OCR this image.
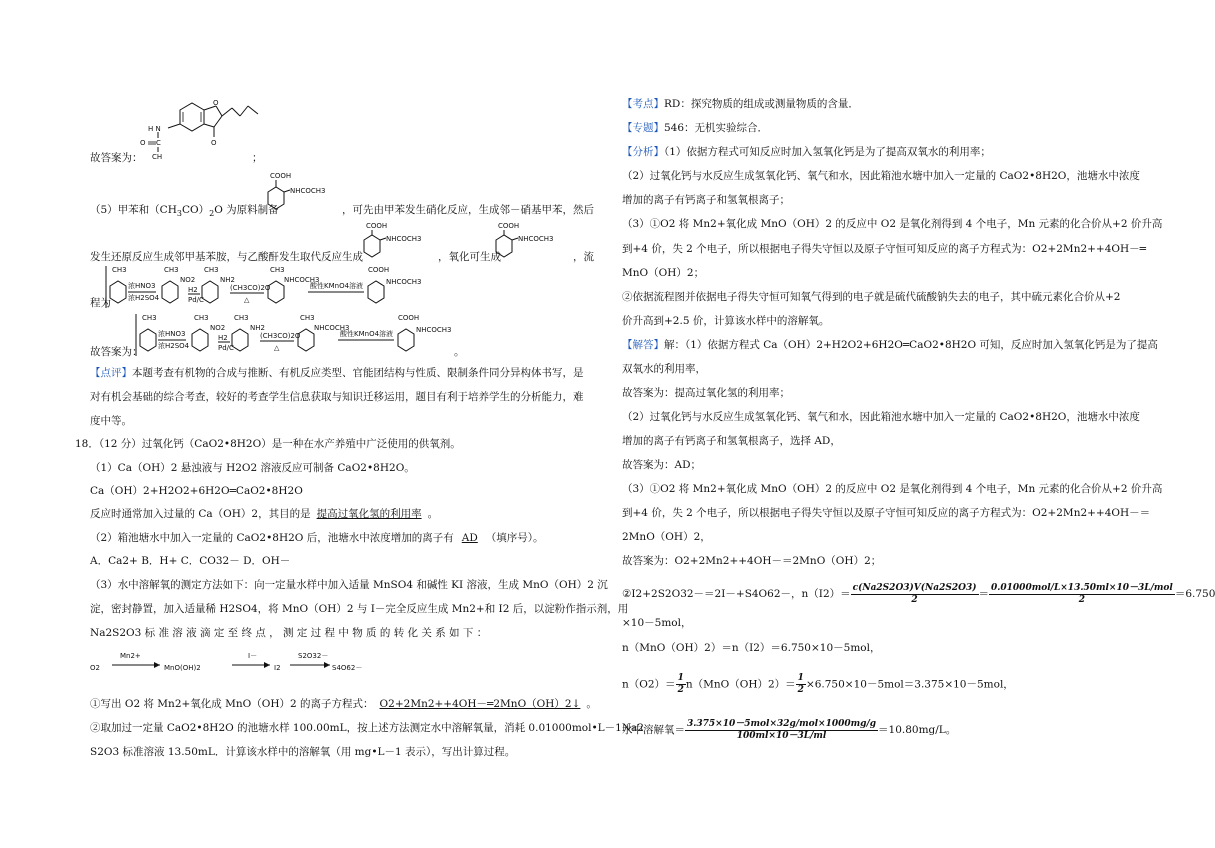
H N
O C
CH
O
O
故答案为：	；
COOH
NHCOCH3
（5）甲苯和$(CH_3CO)_2O$ 为原料制备	，可先由甲苯发生硝化反应，生成邻－硝基甲苯，然后
COOH
NHCOCH3
COOH
NHCOCH3
发生还原反应生成邻甲基苯胺，与乙酸酐发生取代反应生成	，氧化可生成	，流
CH3
浓HNO3
浓H2SO4
CH3
NO2
H2
Pd/C
CH3
NH2
(CH3CO)2O
△
CH3
NHCOCH3
酸性KMnO4溶液
COOH
NHCOCH3
程为
CH3
浓HNO3
浓H2SO4
CH3
NO2
H2
Pd/C
CH3
NH2
(CH3CO)2O
△
CH3
NHCOCH3
酸性KMnO4溶液
COOH
NHCOCH3
故答案为：	。
【点评】本题考查有机物的合成与推断、有机反应类型、官能团结构与性质、限制条件同分异构体书写，是
对有机会基础的综合考查，较好的考查学生信息获取与知识迁移运用，题目有利于培养学生的分析能力，难
度中等。
18．（12 分）过氧化钙（CaO2•8H2O）是一种在水产养殖中广泛使用的供氧剂。
（1）Ca（OH）2 悬浊液与 H2O2 溶液反应可制备 CaO2•8H2O。
Ca（OH）2+H2O2+6H2O═CaO2•8H2O
反应时通常加入过量的 Ca（OH）2，其目的是 提高过氧化氢的利用率 。
（2）箱池塘水中加入一定量的 CaO2•8H2O 后，池塘水中浓度增加的离子有 AD （填序号）。
A．Ca2+ B．H+ C．CO32－ D．OH－
（3）水中溶解氧的测定方法如下：向一定量水样中加入适量 MnSO4 和碱性 KI 溶液，生成 MnO（OH）2 沉
淀，密封静置，加入适量稀 H2SO4，将 MnO（OH）2 与 I－完全反应生成 Mn2+和 I2 后，以淀粉作指示剂，用
Na2S2O3 标 准 溶 液 滴 定 至 终 点 ， 测 定 过 程 中 物 质 的 转 化 关 系 如 下 ：
O2
Mn2+
MnO(OH)2
I－
I2
S2O32－
S4O62－
①写出 O2 将 Mn2+氧化成 MnO（OH）2 的离子方程式： O2+2Mn2++4OH－═2MnO（OH）2↓ 。
②取加过一定量 CaO2•8H2O 的池塘水样 100.00mL，按上述方法测定水中溶解氧量，消耗 0.01000mol•L－1Na2
S2O3 标准溶液 13.50mL．计算该水样中的溶解氧（用 mg•L－1 表示），写出计算过程。
【考点】RD：探究物质的组成或测量物质的含量．
【专题】546：无机实验综合．
【分析】（1）依据方程式可知反应时加入氢氧化钙是为了提高双氧水的利用率；
（2）过氧化钙与水反应生成氢氧化钙、氧气和水，因此箱池水塘中加入一定量的 CaO2•8H2O，池塘水中浓度
增加的离子有钙离子和氢氧根离子；
（3）①O2 将 Mn2+氧化成 MnO（OH）2 的反应中 O2 是氧化剂得到 4 个电子，Mn 元素的化合价从+2 价升高
到+4 价，失 2 个电子，所以根据电子得失守恒以及原子守恒可知反应的离子方程式为：O2+2Mn2++4OH－═
MnO（OH）2；
②依据流程图并依据电子得失守恒可知氧气得到的电子就是硫代硫酸钠失去的电子，其中硫元素化合价从+2
价升高到+2.5 价，计算该水样中的溶解氧。
【解答】解：（1）依据方程式 Ca（OH）2+H2O2+6H2O═CaO2•8H2O 可知，反应时加入氢氧化钙是为了提高
双氧水的利用率，
故答案为：提高过氧化氢的利用率；
（2）过氧化钙与水反应生成氢氧化钙、氧气和水，因此箱池水塘中加入一定量的 CaO2•8H2O，池塘水中浓度
增加的离子有钙离子和氢氧根离子，选择 AD，
故答案为：AD；
（3）①O2 将 Mn2+氧化成 MnO（OH）2 的反应中 O2 是氧化剂得到 4 个电子，Mn 元素的化合价从+2 价升高
到+4 价，失 2 个电子，所以根据电子得失守恒以及原子守恒可知反应的离子方程式为：O2+2Mn2++4OH－＝
2MnO（OH）2，
故答案为：O2+2Mn2++4OH－＝2MnO（OH）2；
②I2+2S2O32－＝2I－+S4O62－，$n(I2)= \frac{c(Na2S2O3)V(Na2S2O3)}{2} = \frac{\text{0.01000mol/L×13.50ml×10－3L/mol}}{2} =6.750$
×10－5mol，
n（MnO（OH）2）＝n（I2）＝6.750×10－5mol，
$n(O2)= \frac{1}{2} n(MnO(OH)2)= \frac{1}{2} \times 6.750\times 10-5mol=3.375\times 10-5mol$，
水中溶解氧＝ $\frac{\text{3.375×10－5mol×32g/mol×1000mg/g}}{100ml\times 10-3L/ml} =10.80mg/L$。
